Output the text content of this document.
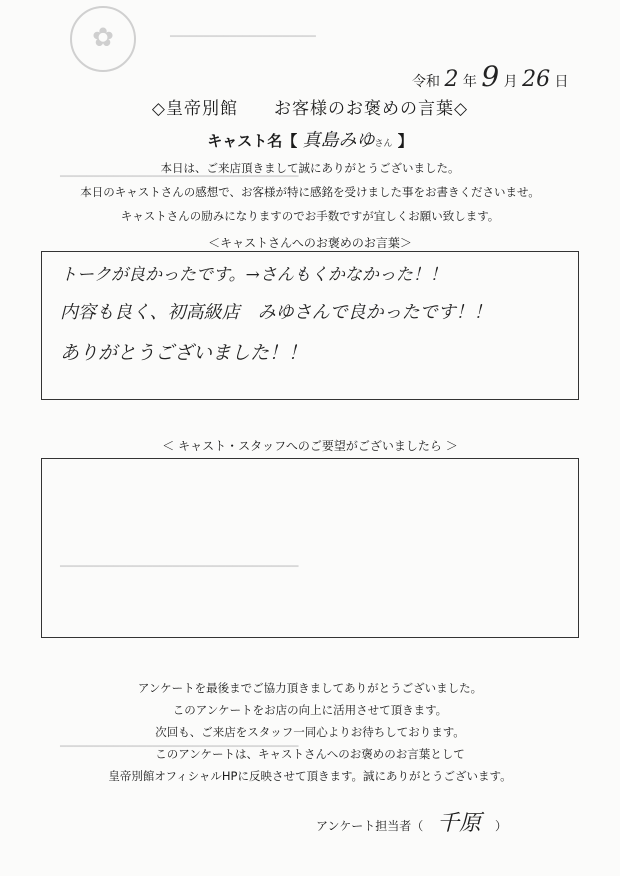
✿	━━━━━━━━━━━━━━━━━━━━━━
━━━━━━━━━━━━━━━━━━━━━━━━━━━━━━━━━━━━
━━━━━━━━━━━━━━━━━━━━━━━━━━━━━━━━━━━━
━━━━━━━━━━━━━━━━━━━━━━━━━━━━━━━━━━━━
令和 2 年 9 月 26 日
◇皇帝別館　　お客様のお褒めの言葉◇
キャスト名【 真島みゆさん 】
本日は、ご来店頂きまして誠にありがとうございました。
本日のキャストさんの感想で、お客様が特に感銘を受けました事をお書きくださいませ。
キャストさんの励みになりますのでお手数ですが宜しくお願い致します。
＜キャストさんへのお褒めのお言葉＞
トークが良かったです。→さんもくかなかった！！
内容も良く、初高級店　みゆさんで良かったです！！
ありがとうございました！！
＜ キャスト・スタッフへのご要望がございましたら ＞
アンケートを最後までご協力頂きましてありがとうございました。
このアンケートをお店の向上に活用させて頂きます。
次回も、ご来店をスタッフ一同心よりお待ちしております。
このアンケートは、キャストさんへのお褒めのお言葉として
皇帝別館オフィシャルHPに反映させて頂きます。誠にありがとうございます。
アンケート担当者（ 千原 ）
